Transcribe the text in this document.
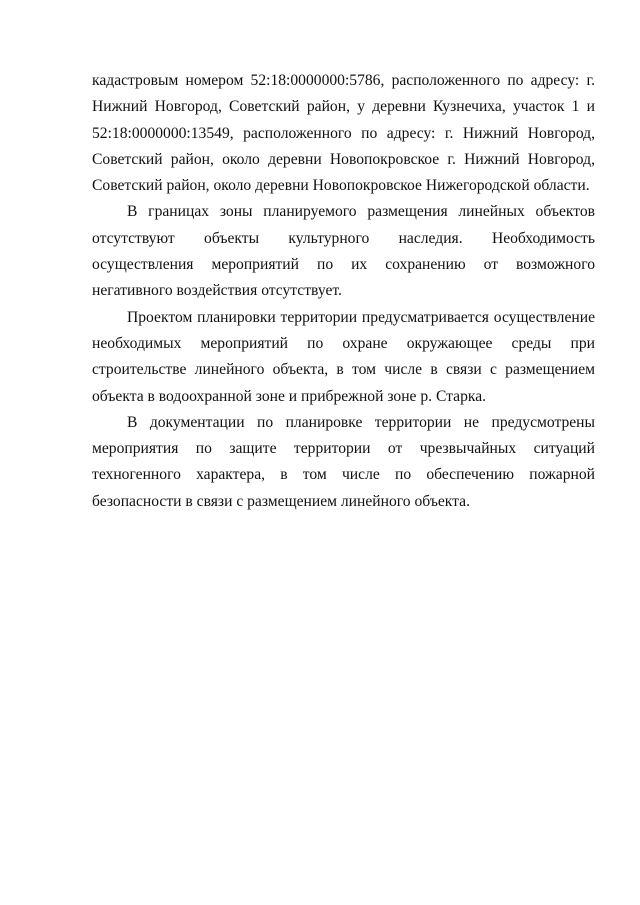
кадастровым номером 52:18:0000000:5786, расположенного по адресу: г. Нижний Новгород, Советский район, у деревни Кузнечиха, участок 1 и 52:18:0000000:13549, расположенного по адресу: г. Нижний Новгород, Советский район, около деревни Новопокровское г. Нижний Новгород, Советский район, около деревни Новопокровское Нижегородской области.

В границах зоны планируемого размещения линейных объектов отсутствуют объекты культурного наследия. Необходимость осуществления мероприятий по их сохранению от возможного негативного воздействия отсутствует.

Проектом планировки территории предусматривается осуществление необходимых мероприятий по охране окружающее среды при строительстве линейного объекта, в том числе в связи с размещением объекта в водоохранной зоне и прибрежной зоне р. Старка.

В документации по планировке территории не предусмотрены мероприятия по защите территории от чрезвычайных ситуаций техногенного характера, в том числе по обеспечению пожарной безопасности в связи с размещением линейного объекта.
